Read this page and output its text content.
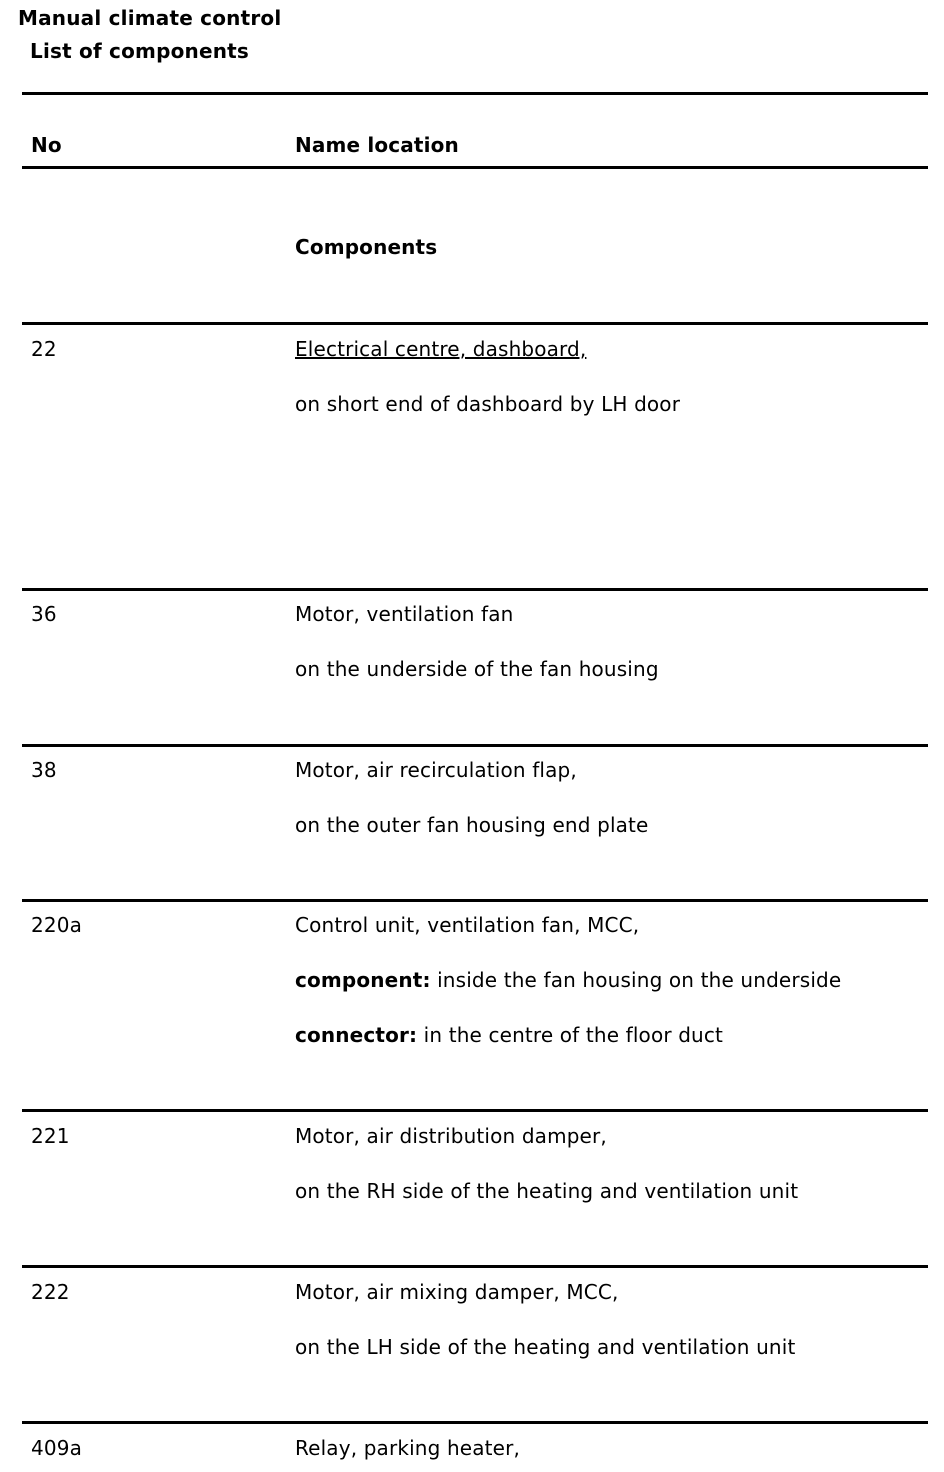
Manual climate control
List of components
No	Name location
Components
22	Electrical centre, dashboard,
on short end of dashboard by LH door
36	Motor, ventilation fan
on the underside of the fan housing
38	Motor, air recirculation flap,
on the outer fan housing end plate
220a	Control unit, ventilation fan, MCC,
component: inside the fan housing on the underside
connector: in the centre of the floor duct
221	Motor, air distribution damper,
on the RH side of the heating and ventilation unit
222	Motor, air mixing damper, MCC,
on the LH side of the heating and ventilation unit
409a	Relay, parking heater,
